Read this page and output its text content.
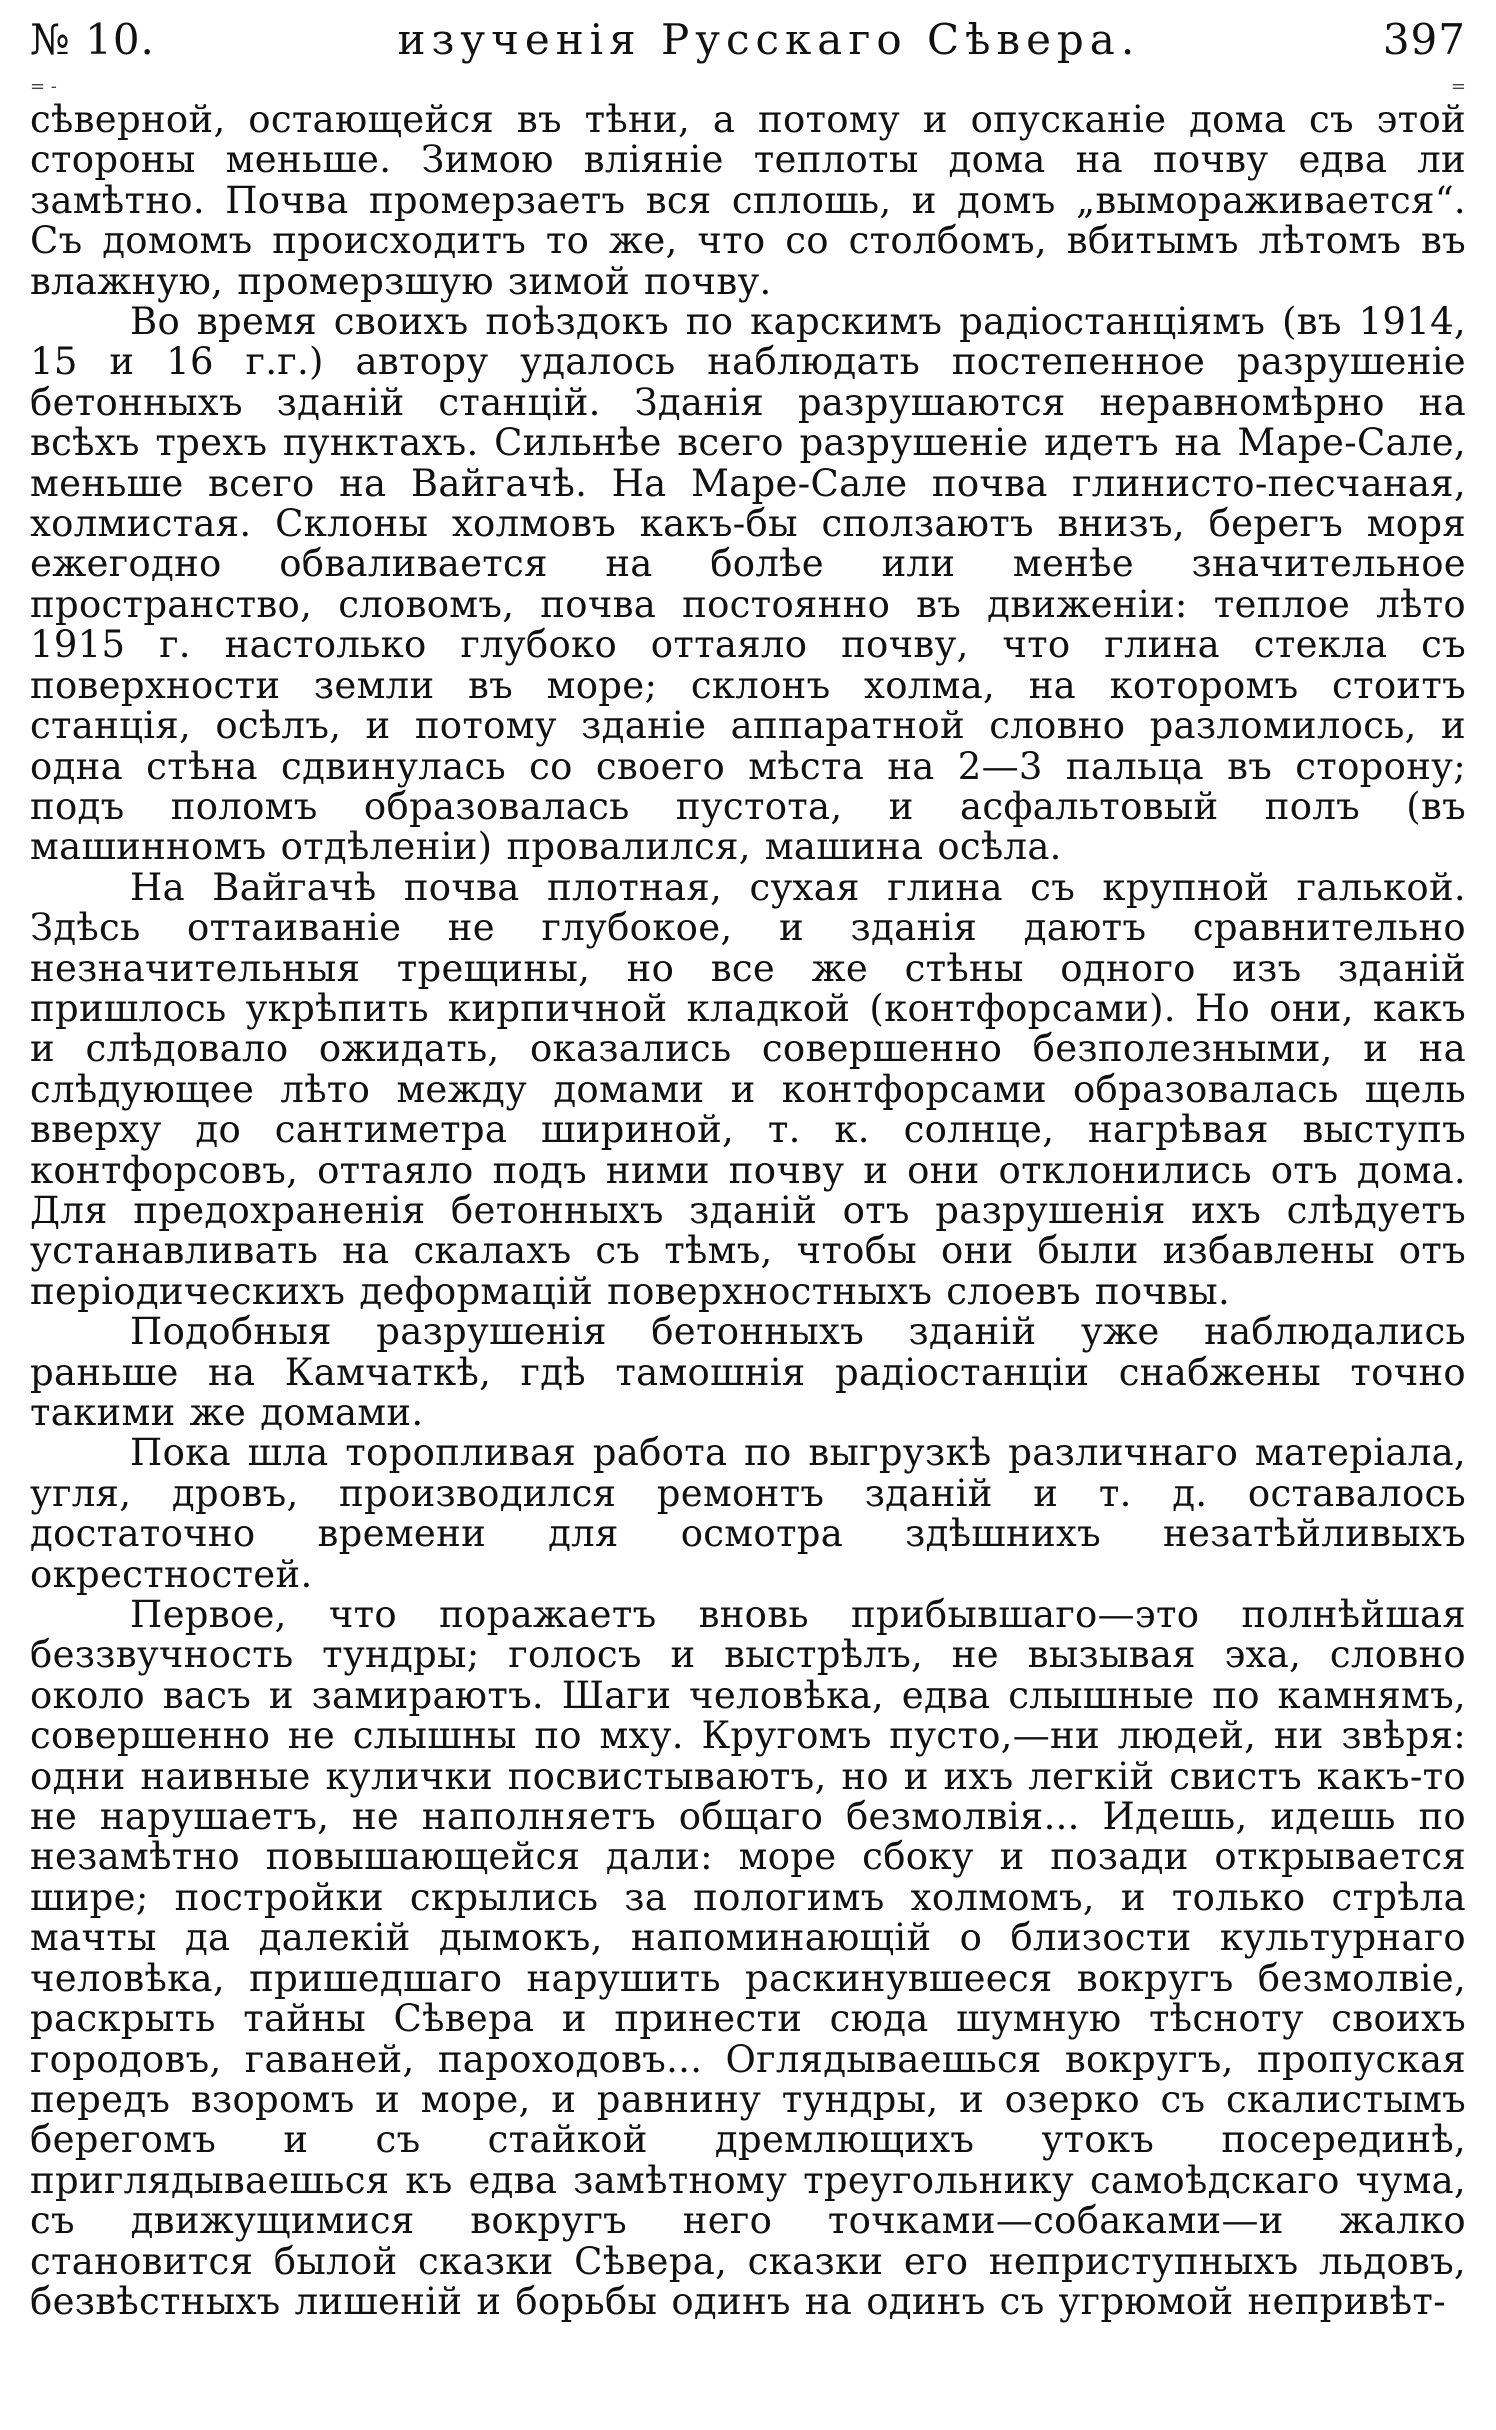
№ 10.	изученія Русскаго Сѣвера.	397
= -	=

сѣверной, остающейся въ тѣни, а потому и опусканіе дома съ этой стороны меньше. Зимою вліяніе теплоты дома на почву едва ли замѣтно. Почва промерзаетъ вся сплошь, и домъ „вымораживается“. Съ домомъ происходитъ то же, что со столбомъ, вбитымъ лѣтомъ въ влажную, промерзшую зимой почву.

Во время своихъ поѣздокъ по карскимъ радіостанціямъ (въ 1914, 15 и 16 г.г.) автору удалось наблюдать постепенное разрушеніе бетонныхъ зданій станцій. Зданія разрушаются неравномѣрно на всѣхъ трехъ пунктахъ. Сильнѣе всего разрушеніе идетъ на Маре-Сале, меньше всего на Вайгачѣ. На Маре-Сале почва глинисто-песчаная, холмистая. Склоны холмовъ какъ-бы сползаютъ внизъ, берегъ моря ежегодно обваливается на болѣе или менѣе значительное пространство, словомъ, почва постоянно въ движеніи: теплое лѣто 1915 г. настолько глубоко оттаяло почву, что глина стекла съ поверхности земли въ море; склонъ холма, на которомъ стоитъ станція, осѣлъ, и потому зданіе аппаратной словно разломилось, и одна стѣна сдвинулась со своего мѣста на 2—3 пальца въ сторону; подъ поломъ образовалась пустота, и асфальтовый полъ (въ машинномъ отдѣленіи) провалился, машина осѣла.

На Вайгачѣ почва плотная, сухая глина съ крупной галькой. Здѣсь оттаиваніе не глубокое, и зданія даютъ сравнительно незначительныя трещины, но все же стѣны одного изъ зданій пришлось укрѣпить кирпичной кладкой (контфорсами). Но они, какъ и слѣдовало ожидать, оказались совершенно безполезными, и на слѣдующее лѣто между домами и контфорсами образовалась щель вверху до сантиметра шириной, т. к. солнце, нагрѣвая выступъ контфорсовъ, оттаяло подъ ними почву и они отклонились отъ дома. Для предохраненія бетонныхъ зданій отъ разрушенія ихъ слѣдуетъ устанавливать на скалахъ съ тѣмъ, чтобы они были избавлены отъ періодическихъ деформацій поверхностныхъ слоевъ почвы.

Подобныя разрушенія бетонныхъ зданій уже наблюдались раньше на Камчаткѣ, гдѣ тамошнія радіостанціи снабжены точно такими же домами.

Пока шла торопливая работа по выгрузкѣ различнаго матеріала, угля, дровъ, производился ремонтъ зданій и т. д. оставалось достаточно времени для осмотра здѣшнихъ незатѣйливыхъ окрестностей.

Первое, что поражаетъ вновь прибывшаго—это полнѣйшая беззвучность тундры; голосъ и выстрѣлъ, не вызывая эха, словно около васъ и замираютъ. Шаги человѣка, едва слышные по камнямъ, совершенно не слышны по мху. Кругомъ пусто,—ни людей, ни звѣря: одни наивные кулички посвистываютъ, но и ихъ легкій свистъ какъ-то не нарушаетъ, не наполняетъ общаго безмолвія... Идешь, идешь по незамѣтно повышающейся дали: море сбоку и позади открывается шире; постройки скрылись за пологимъ холмомъ, и только стрѣла мачты да далекій дымокъ, напоминающій о близости культурнаго человѣка, пришедшаго нарушить раскинувшееся вокругъ безмолвіе, раскрыть тайны Сѣвера и принести сюда шумную тѣсноту своихъ городовъ, гаваней, пароходовъ... Оглядываешься вокругъ, пропуская передъ взоромъ и море, и равнину тундры, и озерко съ скалистымъ берегомъ и съ стайкой дремлющихъ утокъ посерединѣ, приглядываешься къ едва замѣтному треугольнику самоѣдскаго чума, съ движущимися вокругъ него точками—собаками—и жалко становится былой сказки Сѣвера, сказки его неприступныхъ льдовъ, безвѣстныхъ лишеній и борьбы одинъ на одинъ съ угрюмой непривѣт-
